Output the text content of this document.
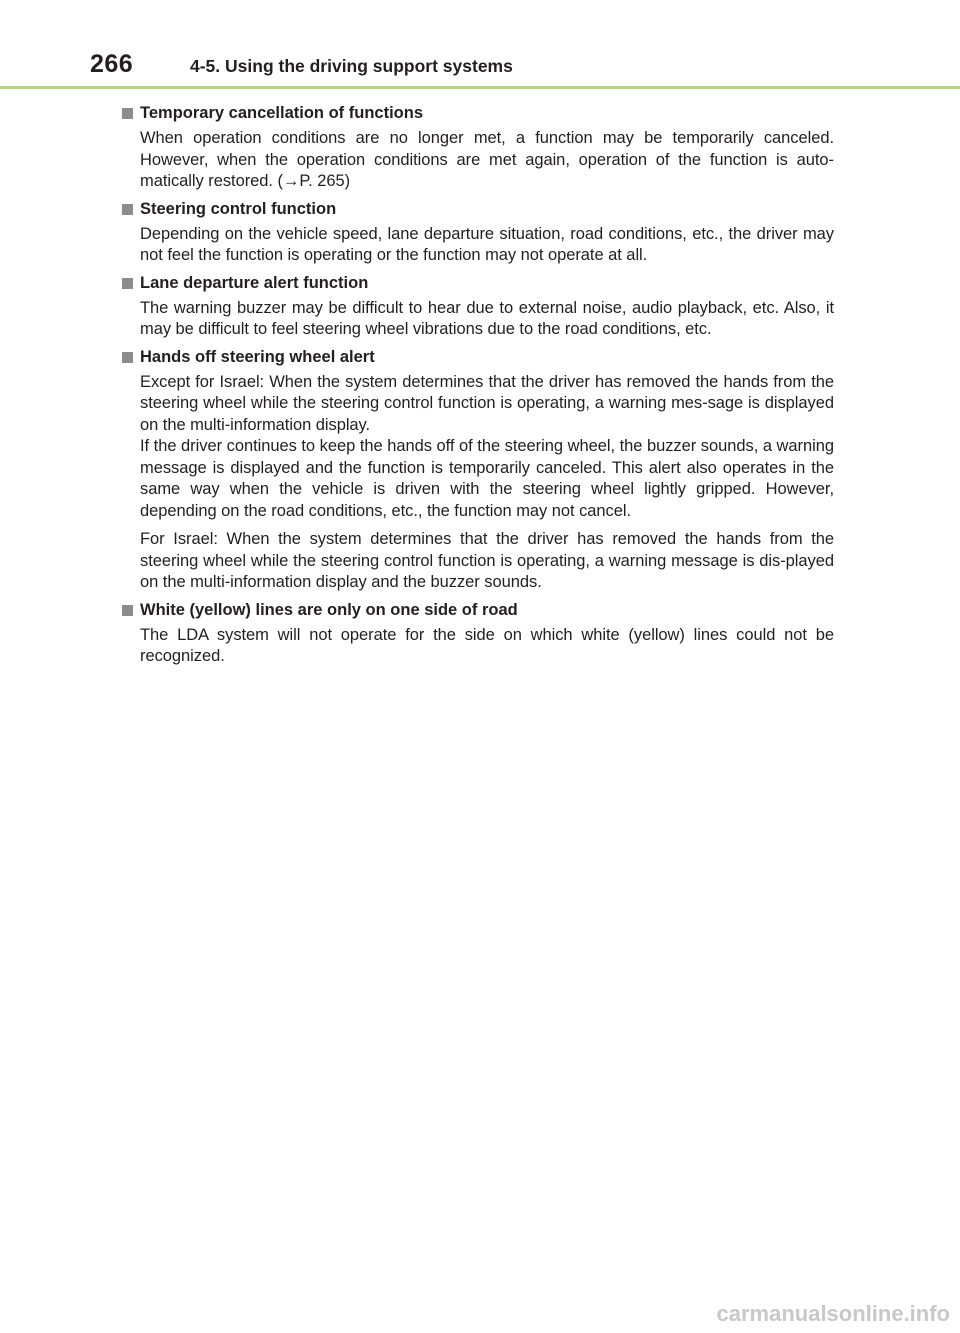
266	4-5. Using the driving support systems
Temporary cancellation of functions

When operation conditions are no longer met, a function may be temporarily canceled. However, when the operation conditions are met again, operation of the function is auto-matically restored. (→P. 265)

Steering control function

Depending on the vehicle speed, lane departure situation, road conditions, etc., the driver may not feel the function is operating or the function may not operate at all.

Lane departure alert function

The warning buzzer may be difficult to hear due to external noise, audio playback, etc. Also, it may be difficult to feel steering wheel vibrations due to the road conditions, etc.

Hands off steering wheel alert

Except for Israel: When the system determines that the driver has removed the hands from the steering wheel while the steering control function is operating, a warning mes-sage is displayed on the multi-information display.

If the driver continues to keep the hands off of the steering wheel, the buzzer sounds, a warning message is displayed and the function is temporarily canceled. This alert also operates in the same way when the vehicle is driven with the steering wheel lightly gripped. However, depending on the road conditions, etc., the function may not cancel.

For Israel: When the system determines that the driver has removed the hands from the steering wheel while the steering control function is operating, a warning message is dis-played on the multi-information display and the buzzer sounds.

White (yellow) lines are only on one side of road

The LDA system will not operate for the side on which white (yellow) lines could not be recognized.

carmanualsonline.info
